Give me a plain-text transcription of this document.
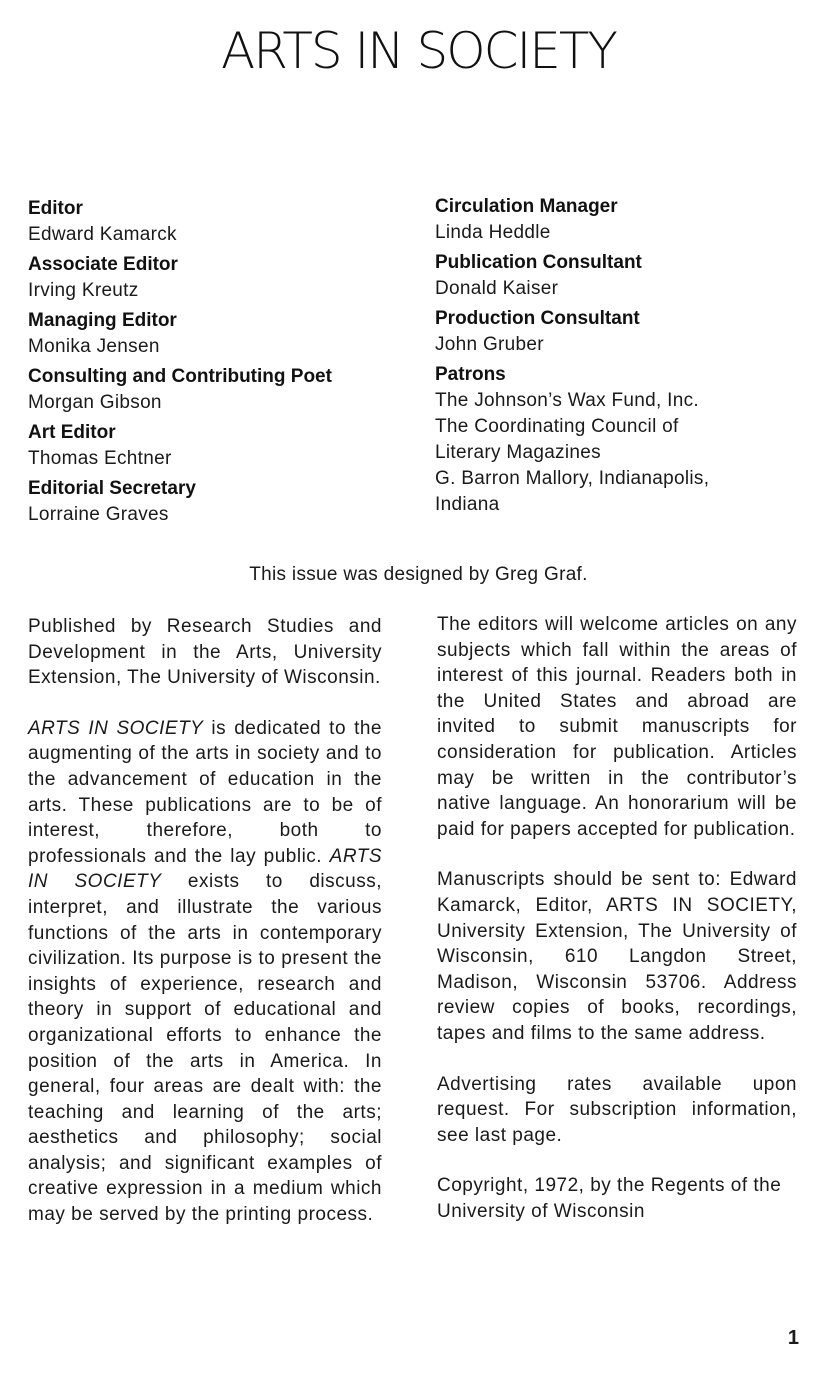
ARTS IN SOCIETY
Editor
Edward Kamarck
Associate Editor
Irving Kreutz
Managing Editor
Monika Jensen
Consulting and Contributing Poet
Morgan Gibson
Art Editor
Thomas Echtner
Editorial Secretary
Lorraine Graves
Circulation Manager
Linda Heddle
Publication Consultant
Donald Kaiser
Production Consultant
John Gruber
Patrons
The Johnson’s Wax Fund, Inc.
The Coordinating Council of
Literary Magazines
G. Barron Mallory, Indianapolis,
Indiana
This issue was designed by Greg Graf.

Published by Research Studies and Development in the Arts, University Extension, The University of Wisconsin.

ARTS IN SOCIETY is dedicated to the augmenting of the arts in society and to the advancement of education in the arts. These publications are to be of interest, therefore, both to professionals and the lay public. ARTS IN SOCIETY exists to discuss, interpret, and illustrate the various functions of the arts in contemporary civilization. Its purpose is to present the insights of experience, research and theory in support of educational and organizational efforts to enhance the position of the arts in America. In general, four areas are dealt with: the teaching and learning of the arts; aesthetics and philosophy; social analysis; and significant examples of creative expression in a medium which may be served by the printing process.

The editors will welcome articles on any subjects which fall within the areas of interest of this journal. Readers both in the United States and abroad are invited to submit manuscripts for consideration for publication. Articles may be written in the contributor’s native language. An honorarium will be paid for papers accepted for publication.

Manuscripts should be sent to: Edward Kamarck, Editor, ARTS IN SOCIETY, University Extension, The University of Wisconsin, 610 Langdon Street, Madison, Wisconsin 53706. Address review copies of books, recordings, tapes and films to the same address.

Advertising rates available upon request. For subscription information, see last page.

Copyright, 1972, by the Regents of the University of Wisconsin

1
